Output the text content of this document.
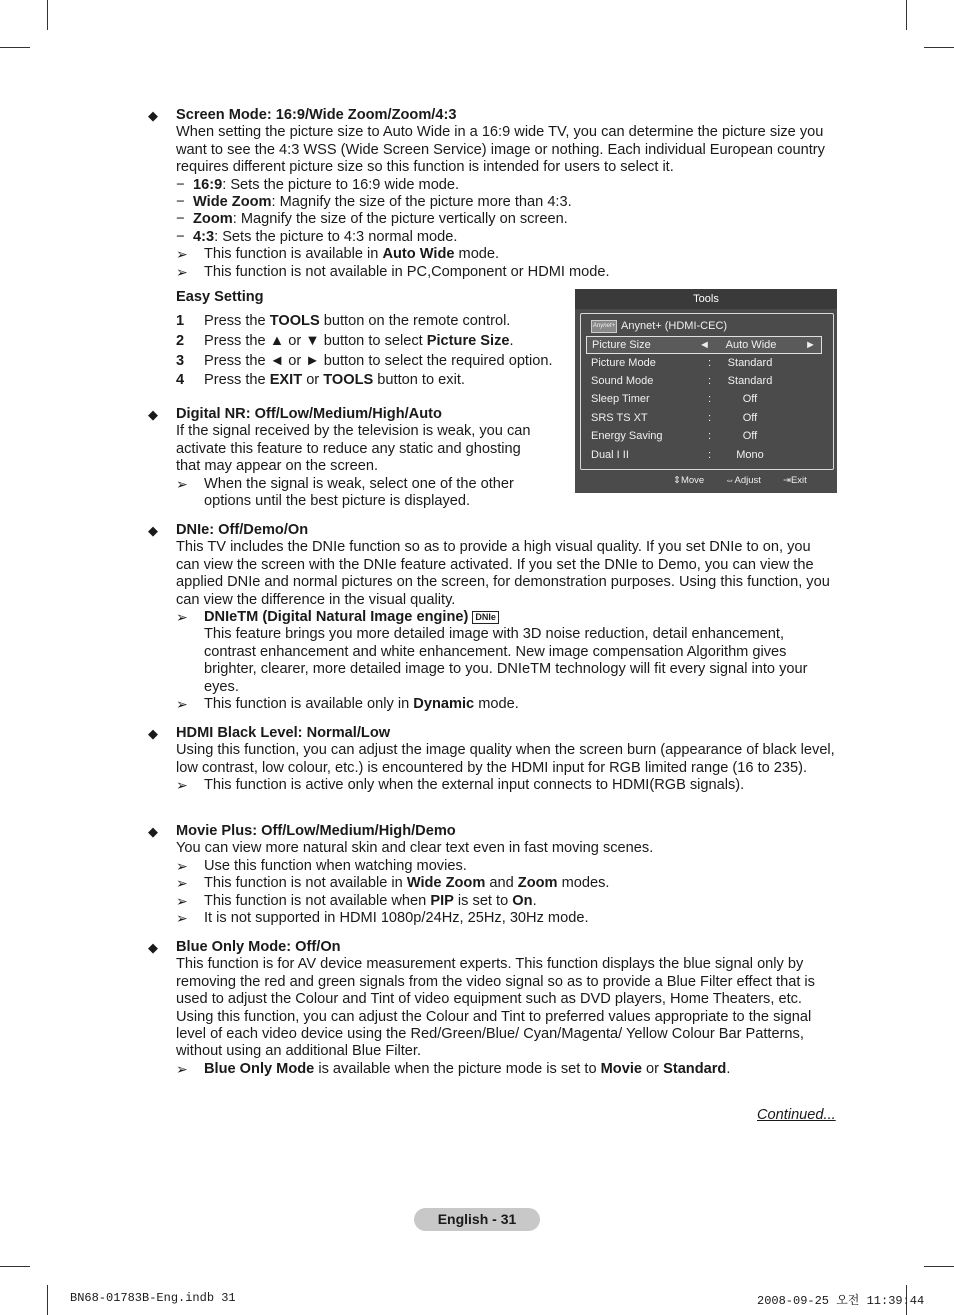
◆ Screen Mode: 16:9/Wide Zoom/Zoom/4:3
When setting the picture size to Auto Wide in a 16:9 wide TV, you can determine the picture size you want to see the 4:3 WSS (Wide Screen Service) image or nothing. Each individual European country requires different picture size so this function is intended for users to select it.
− 16:9: Sets the picture to 16:9 wide mode.
− Wide Zoom: Magnify the size of the picture more than 4:3.
− Zoom: Magnify the size of the picture vertically on screen.
− 4:3: Sets the picture to 4:3 normal mode.
➢ This function is available in Auto Wide mode.
➢ This function is not available in PC,Component or HDMI mode.
Easy Setting
1 Press the TOOLS button on the remote control.
2 Press the ▲ or ▼ button to select Picture Size.
3 Press the ◄ or ► button to select the required option.
4 Press the EXIT or TOOLS button to exit.
◆ Digital NR: Off/Low/Medium/High/Auto
If the signal received by the television is weak, you can activate this feature to reduce any static and ghosting that may appear on the screen.
➢ When the signal is weak, select one of the other options until the best picture is displayed.
Tools
Anynet+ Anynet+ (HDMI-CEC)
Picture Size	◄	Auto Wide	►
Picture Mode	:	Standard
Sound Mode	:	Standard
Sleep Timer	:	Off
SRS TS XT	:	Off
Energy Saving	:	Off
Dual I II	:	Mono
⇕Move ⇔Adjust ⇥Exit
◆ DNIe: Off/Demo/On
This TV includes the DNIe function so as to provide a high visual quality. If you set DNIe to on, you can view the screen with the DNIe feature activated. If you set the DNIe to Demo, you can view the applied DNIe and normal pictures on the screen, for demonstration purposes. Using this function, you can view the difference in the visual quality.
➢ DNIeTM (Digital Natural Image engine) DNIe
This feature brings you more detailed image with 3D noise reduction, detail enhancement, contrast enhancement and white enhancement. New image compensation Algorithm gives brighter, clearer, more detailed image to you. DNIeTM technology will fit every signal into your eyes.
➢ This function is available only in Dynamic mode.
◆ HDMI Black Level: Normal/Low
Using this function, you can adjust the image quality when the screen burn (appearance of black level, low contrast, low colour, etc.) is encountered by the HDMI input for RGB limited range (16 to 235).
➢ This function is active only when the external input connects to HDMI(RGB signals).
◆ Movie Plus: Off/Low/Medium/High/Demo
You can view more natural skin and clear text even in fast moving scenes.
➢ Use this function when watching movies.
➢ This function is not available in Wide Zoom and Zoom modes.
➢ This function is not available when PIP is set to On.
➢ It is not supported in HDMI 1080p/24Hz, 25Hz, 30Hz mode.
◆ Blue Only Mode: Off/On
This function is for AV device measurement experts. This function displays the blue signal only by removing the red and green signals from the video signal so as to provide a Blue Filter effect that is used to adjust the Colour and Tint of video equipment such as DVD players, Home Theaters, etc. Using this function, you can adjust the Colour and Tint to preferred values appropriate to the signal level of each video device using the Red/Green/Blue/ Cyan/Magenta/ Yellow Colour Bar Patterns, without using an additional Blue Filter.
➢ Blue Only Mode is available when the picture mode is set to Movie or Standard.
Continued...
English - 31
BN68-01783B-Eng.indb 31	2008-09-25 오전 11:39:44
